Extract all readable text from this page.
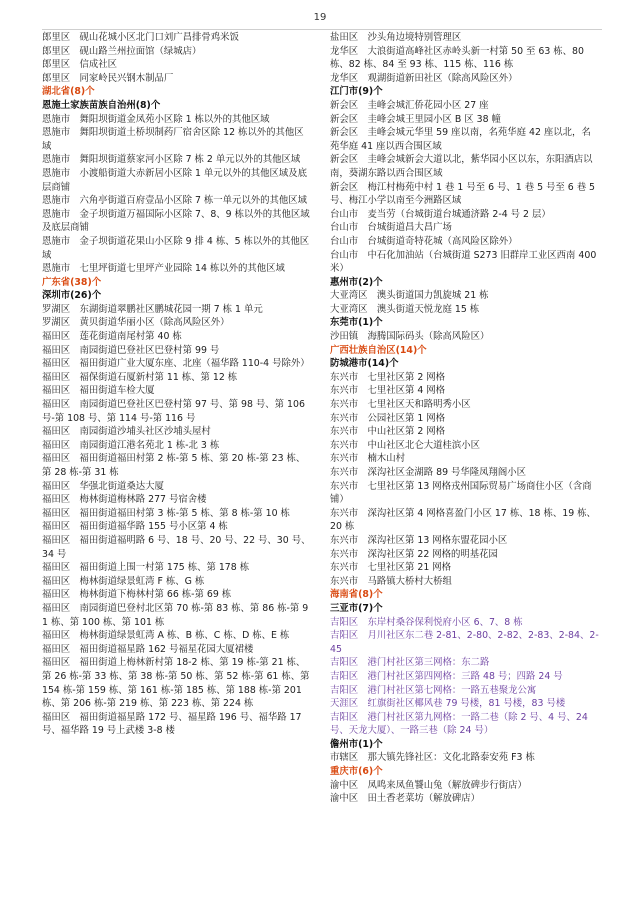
19

郎里区　砚山花城小区北门口刘广昌排骨鸡米饭

郎里区　砚山路兰州拉面馆（绿城店）

郎里区　信成社区

郎里区　同家岭民兴钢木制品厂

湖北省(8)个

恩施土家族苗族自治州(8)个

恩施市　舞阳坝街道金凤苑小区除 1 栋以外的其他区域

恩施市　舞阳坝街道土桥坝制药厂宿舍区除 12 栋以外的其他区域

恩施市　舞阳坝街道蔡家河小区除 7 栋 2 单元以外的其他区域

恩施市　小渡船街道大赤新居小区除 1 单元以外的其他区域及底层商铺

恩施市　六角亭街道百府壹品小区除 7 栋一单元以外的其他区域

恩施市　金子坝街道万福国际小区除 7、8、9 栋以外的其他区域及底层商铺

恩施市　金子坝街道花果山小区除 9 排 4 栋、5 栋以外的其他区域

恩施市　七里坪街道七里坪产业园除 14 栋以外的其他区域

广东省(38)个

深圳市(26)个

罗湖区　东湖街道翠鹏社区鹏城花园一期 7 栋 1 单元

罗湖区　黄贝街道华丽小区（除高风险区外）

福田区　莲花街道南尾村第 40 栋

福田区　南园街道巴登社区巴登村第 99 号

福田区　福田街道广业大厦东座、北座（福华路 110-4 号除外）

福田区　福保街道石厦新村第 11 栋、第 12 栋

福田区　福田街道车检大厦

福田区　南园街道巴登社区巴登村第 97 号、第 98 号、第 106 号-第 108 号、第 114 号-第 116 号

福田区　南园街道沙埔头社区沙埔头屋村

福田区　南园街道江港名苑北 1 栋-北 3 栋

福田区　福田街道福田村第 2 栋-第 5 栋、第 20 栋-第 23 栋、第 28 栋-第 31 栋

福田区　华强北街道桑达大厦

福田区　梅林街道梅林路 277 号宿舍楼

福田区　福田街道福田村第 3 栋-第 5 栋、第 8 栋-第 10 栋

福田区　福田街道福华路 155 号小区第 4 栋

福田区　福田街道福明路 6 号、18 号、20 号、22 号、30 号、34 号

福田区　福田街道上围一村第 175 栋、第 178 栋

福田区　梅林街道绿景虹湾 F 栋、G 栋

福田区　梅林街道下梅林村第 66 栋-第 69 栋

福田区　南园街道巴登村北区第 70 栋-第 83 栋、第 86 栋-第 91 栋、第 100 栋、第 101 栋

福田区　梅林街道绿景虹湾 A 栋、B 栋、C 栋、D 栋、E 栋

福田区　福田街道福星路 162 号福星花园大厦裙楼

福田区　福田街道上梅林新村第 18-2 栋、第 19 栋-第 21 栋、第 26 栋-第 33 栋、第 38 栋-第 50 栋、第 52 栋-第 61 栋、第 154 栋-第 159 栋、第 161 栋-第 185 栋、第 188 栋-第 201 栋、第 206 栋-第 219 栋、第 223 栋、第 224 栋

福田区　福田街道福星路 172 号、福星路 196 号、福华路 17 号、福华路 19 号上武楼 3-8 楼

盐田区　沙头角边境特别管理区

龙华区　大浪街道高峰社区赤岭头新一村第 50 至 63 栋、80 栋、82 栋、84 至 93 栋、115 栋、116 栋

龙华区　观湖街道新田社区（除高风险区外）

江门市(9)个

新会区　圭峰会城汇侨花园小区 27 座

新会区　圭峰会城王里园小区 B 区 38 幢

新会区　圭峰会城元华里 59 座以南，名苑华庭 42 座以北，名苑华庭 41 座以西合围区域

新会区　圭峰会城新会大道以北，紫华园小区以东，东阳酒店以南，葵湖东路以西合围区域

新会区　梅江村梅苑中村 1 巷 1 号至 6 号、1 巷 5 号至 6 巷 5 号、梅江小学以南至今洲路区域

台山市　麦当劳（台城街道台城通济路 2-4 号 2 层）

台山市　台城街道昌大昌广场

台山市　台城街道奇特花城（高风险区除外）

台山市　中石化加油站（台城街道 S273 旧群岸工业区西南 400 米）

惠州市(2)个

大亚湾区　澳头街道国力凯旋城 21 栋

大亚湾区　澳头街道天悦龙庭 15 栋

东莞市(1)个

沙田镇　海腾国际码头（除高风险区）

广西壮族自治区(14)个

防城港市(14)个

东兴市　七里社区第 2 网格

东兴市　七里社区第 4 网格

东兴市　七里社区天和路明秀小区

东兴市　公园社区第 1 网格

东兴市　中山社区第 2 网格

东兴市　中山社区北仑大道桂滨小区

东兴市　楠木山村

东兴市　深沟社区金湖路 89 号华隆凤翔阁小区

东兴市　七里社区第 13 网格戎州国际贸易广场商住小区（含商铺）

东兴市　深沟社区第 4 网格喜盈门小区 17 栋、18 栋、19 栋、20 栋

东兴市　深沟社区第 13 网格东盟花园小区

东兴市　深沟社区第 22 网格的明基花园

东兴市　七里社区第 21 网格

东兴市　马路镇大桥村大桥组

海南省(8)个

三亚市(7)个

吉阳区　东岸村桑谷保利悦府小区 6、7、8 栋

吉阳区　月川社区东二巷 2-81、2-80、2-82、2-83、2-84、2-45

吉阳区　港门村社区第三网格：东二路

吉阳区　港门村社区第四网格：三路 48 号；四路 24 号

吉阳区　港门村社区第七网格：一路五巷聚龙公寓

天涯区　红旗街社区椰风巷 79 号楼，81 号楼，83 号楼

吉阳区　港门村社区第九网格：一路二巷（除 2 号、4 号、24 号、天龙大厦）、一路三巷（除 24 号）

儋州市(1)个

市辖区　那大镇先锋社区：文化北路泰安苑 F3 栋

重庆市(6)个

渝中区　凤鸣来凤鱼饕山兔（解放碑步行街店）

渝中区　田土香老菜坊（解放碑店）
